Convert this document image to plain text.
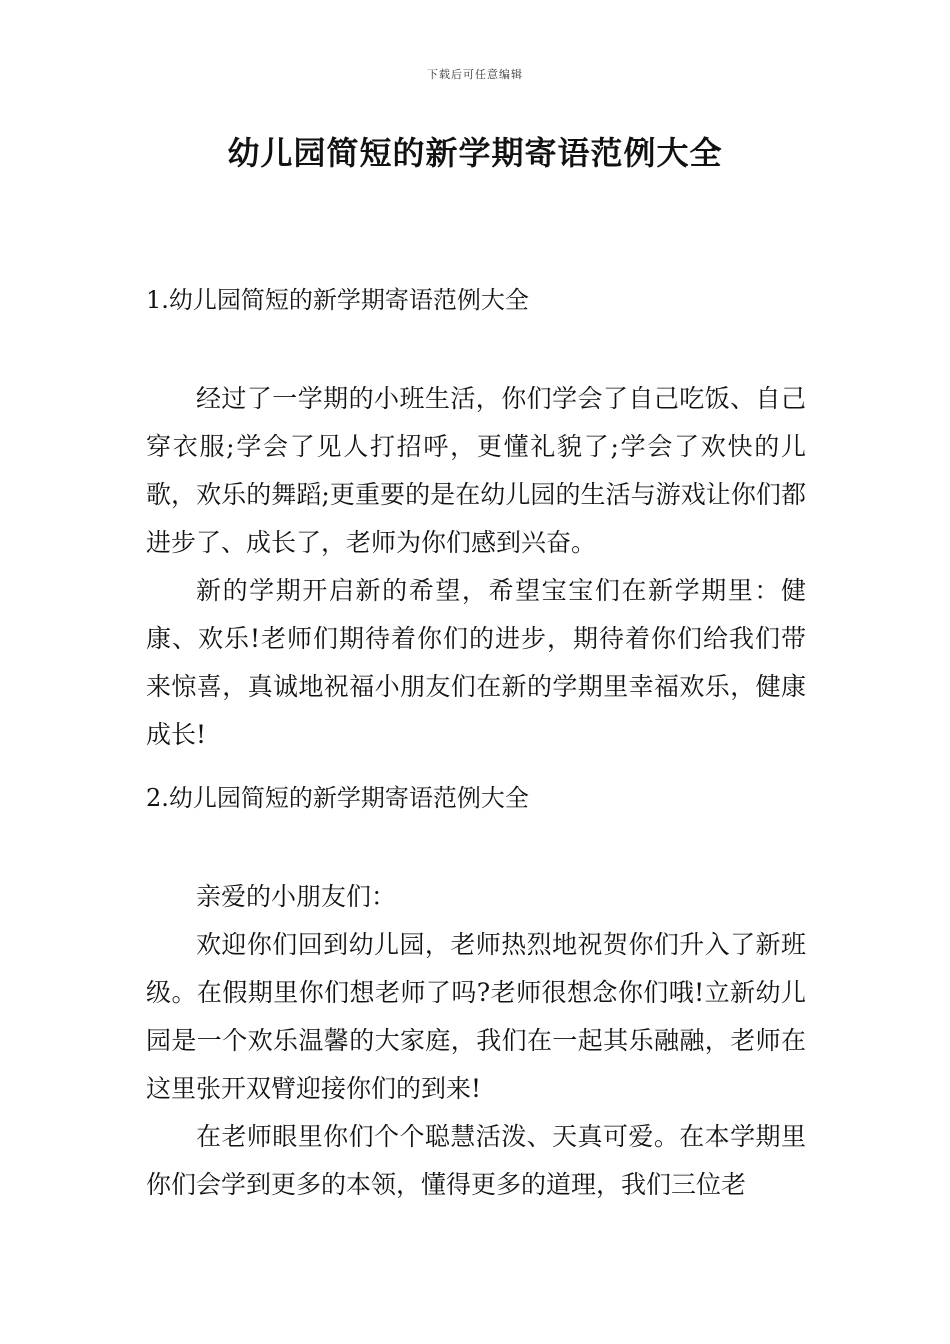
下载后可任意编辑
幼儿园简短的新学期寄语范例大全
1.幼儿园简短的新学期寄语范例大全

经过了一学期的小班生活，你们学会了自己吃饭、自己穿衣服;学会了见人打招呼，更懂礼貌了;学会了欢快的儿歌，欢乐的舞蹈;更重要的是在幼儿园的生活与游戏让你们都进步了、成长了，老师为你们感到兴奋。

新的学期开启新的希望，希望宝宝们在新学期里：健康、欢乐!老师们期待着你们的进步，期待着你们给我们带来惊喜，真诚地祝福小朋友们在新的学期里幸福欢乐，健康成长!

2.幼儿园简短的新学期寄语范例大全

亲爱的小朋友们：

欢迎你们回到幼儿园，老师热烈地祝贺你们升入了新班级。在假期里你们想老师了吗?老师很想念你们哦!立新幼儿园是一个欢乐温馨的大家庭，我们在一起其乐融融，老师在这里张开双臂迎接你们的到来!

在老师眼里你们个个聪慧活泼、天真可爱。在本学期里你们会学到更多的本领，懂得更多的道理，我们三位老
